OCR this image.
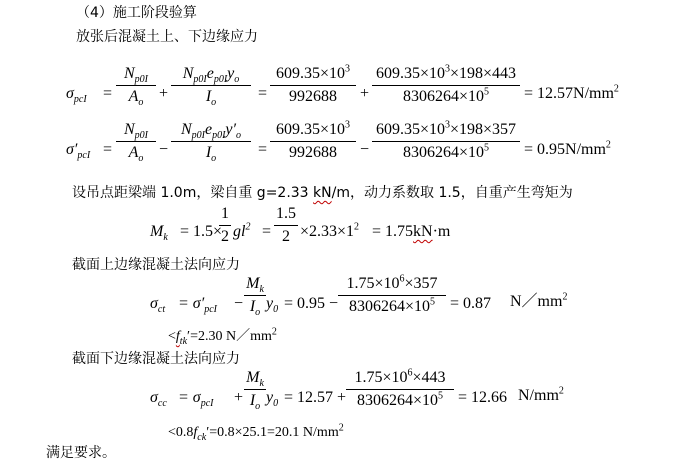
（4）施工阶段验算
放张后混凝土上、下边缘应力
$\sigma_{pcI}$ =
$N_{p0I}$
$A_o$
+
$N_{p0I}e_{p0I}y_o$
$I_o$
=
$609.35\times 10^3$
992688	+
$609.35\times 10^3\times 198\times 443$
$8306264\times 10^5$	= $12.57N/mm^2$
$\sigma'_{pcI}$ =
$N_{p0I}$
$A_o$
−
$N_{p0I}e_{p0I}y'_o$
$I_o$
=
$609.35\times 10^3$
992688	−
$609.35\times 10^3\times 198\times 357$
$8306264\times 10^5$	= $0.95N/mm^2$
设吊点距梁端 1.0m，梁自重 g=2.33 kN/m，动力系数取 1.5，自重产生弯矩为
$M_k = 1.5\times$
1
2 $gl^2$ =
1.5
$2 \times 2.33\times 1^2 = 1.75kN\cdot m$
截面上边缘混凝土法向应力
$\sigma_{ct} = \sigma'_{pcI}$ −
$M_k$
$I_o$
$y_0 = 0.95$ −
$1.75\times 10^6\times 357$
$8306264\times 10^5 = 0.87$ $N/mm^2$
$<f_{tk}'=2.30$ $N/mm^2$
截面下边缘混凝土法向应力
$\sigma_{cc} = \sigma_{pcI}$ +
$M_k$
$I_o$
$y_0 = 12.57$ +
$1.75\times 10^6\times 443$
$8306264\times 10^5 = 12.66$ $N/mm^2$
$<0.8f_{ck}'=0.8\times 25.1=20.1$ $N/mm^2$
满足要求。
